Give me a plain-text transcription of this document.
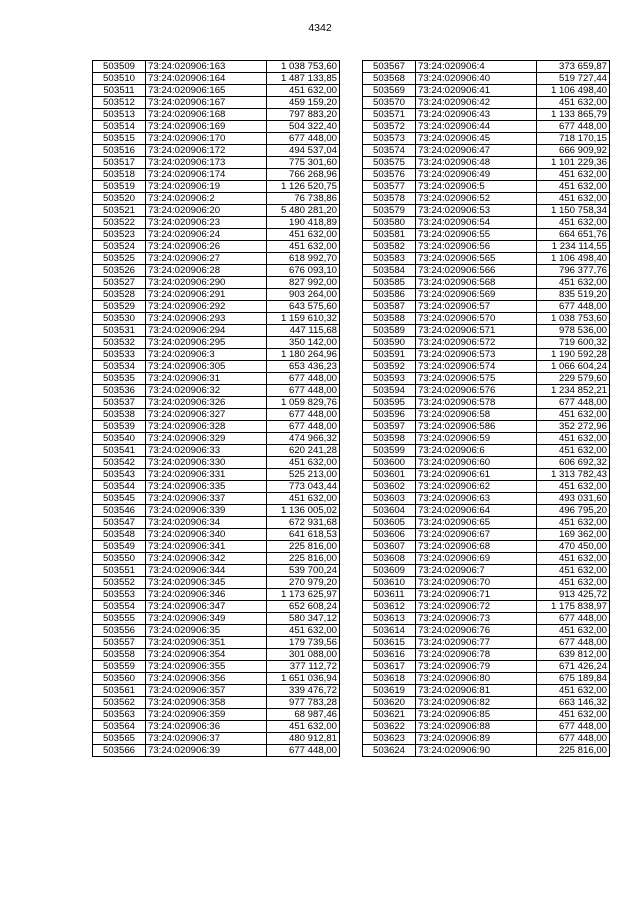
4342
503509	73:24:020906:163	1 038 753,60
503510	73:24:020906:164	1 487 133,85
503511	73:24:020906:165	451 632,00
503512	73:24:020906:167	459 159,20
503513	73:24:020906:168	797 883,20
503514	73:24:020906:169	504 322,40
503515	73:24:020906:170	677 448,00
503516	73:24:020906:172	494 537,04
503517	73:24:020906:173	775 301,60
503518	73:24:020906:174	766 268,96
503519	73:24:020906:19	1 126 520,75
503520	73:24:020906:2	76 738,86
503521	73:24:020906:20	5 480 281,20
503522	73:24:020906:23	190 418,89
503523	73:24:020906:24	451 632,00
503524	73:24:020906:26	451 632,00
503525	73:24:020906:27	618 992,70
503526	73:24:020906:28	676 093,10
503527	73:24:020906:290	827 992,00
503528	73:24:020906:291	903 264,00
503529	73:24:020906:292	643 575,60
503530	73:24:020906:293	1 159 610,32
503531	73:24:020906:294	447 115,68
503532	73:24:020906:295	350 142,00
503533	73:24:020906:3	1 180 264,96
503534	73:24:020906:305	653 436,23
503535	73:24:020906:31	677 448,00
503536	73:24:020906:32	677 448,00
503537	73:24:020906:326	1 059 829,76
503538	73:24:020906:327	677 448,00
503539	73:24:020906:328	677 448,00
503540	73:24:020906:329	474 966,32
503541	73:24:020906:33	620 241,28
503542	73:24:020906:330	451 632,00
503543	73:24:020906:331	525 213,00
503544	73:24:020906:335	773 043,44
503545	73:24:020906:337	451 632,00
503546	73:24:020906:339	1 136 005,02
503547	73:24:020906:34	672 931,68
503548	73:24:020906:340	641 618,53
503549	73:24:020906:341	225 816,00
503550	73:24:020906:342	225 816,00
503551	73:24:020906:344	539 700,24
503552	73:24:020906:345	270 979,20
503553	73:24:020906:346	1 173 625,97
503554	73:24:020906:347	652 608,24
503555	73:24:020906:349	580 347,12
503556	73:24:020906:35	451 632,00
503557	73:24:020906:351	179 739,56
503558	73:24:020906:354	301 088,00
503559	73:24:020906:355	377 112,72
503560	73:24:020906:356	1 651 036,94
503561	73:24:020906:357	339 476,72
503562	73:24:020906:358	977 783,28
503563	73:24:020906:359	68 987,46
503564	73:24:020906:36	451 632,00
503565	73:24:020906:37	480 912,81
503566	73:24:020906:39	677 448,00
503567	73:24:020906:4	373 659,87
503568	73:24:020906:40	519 727,44
503569	73:24:020906:41	1 106 498,40
503570	73:24:020906:42	451 632,00
503571	73:24:020906:43	1 133 865,79
503572	73:24:020906:44	677 448,00
503573	73:24:020906:45	718 170,15
503574	73:24:020906:47	666 909,92
503575	73:24:020906:48	1 101 229,36
503576	73:24:020906:49	451 632,00
503577	73:24:020906:5	451 632,00
503578	73:24:020906:52	451 632,00
503579	73:24:020906:53	1 150 758,34
503580	73:24:020906:54	451 632,00
503581	73:24:020906:55	664 651,76
503582	73:24:020906:56	1 234 114,55
503583	73:24:020906:565	1 106 498,40
503584	73:24:020906:566	796 377,76
503585	73:24:020906:568	451 632,00
503586	73:24:020906:569	835 519,20
503587	73:24:020906:57	677 448,00
503588	73:24:020906:570	1 038 753,60
503589	73:24:020906:571	978 536,00
503590	73:24:020906:572	719 600,32
503591	73:24:020906:573	1 190 592,28
503592	73:24:020906:574	1 066 604,24
503593	73:24:020906:575	229 579,60
503594	73:24:020906:576	1 234 852,21
503595	73:24:020906:578	677 448,00
503596	73:24:020906:58	451 632,00
503597	73:24:020906:586	352 272,96
503598	73:24:020906:59	451 632,00
503599	73:24:020906:6	451 632,00
503600	73:24:020906:60	606 692,32
503601	73:24:020906:61	1 313 782,43
503602	73:24:020906:62	451 632,00
503603	73:24:020906:63	493 031,60
503604	73:24:020906:64	496 795,20
503605	73:24:020906:65	451 632,00
503606	73:24:020906:67	169 362,00
503607	73:24:020906:68	470 450,00
503608	73:24:020906:69	451 632,00
503609	73:24:020906:7	451 632,00
503610	73:24:020906:70	451 632,00
503611	73:24:020906:71	913 425,72
503612	73:24:020906:72	1 175 838,97
503613	73:24:020906:73	677 448,00
503614	73:24:020906:76	451 632,00
503615	73:24:020906:77	677 448,00
503616	73:24:020906:78	639 812,00
503617	73:24:020906:79	671 426,24
503618	73:24:020906:80	675 189,84
503619	73:24:020906:81	451 632,00
503620	73:24:020906:82	663 146,32
503621	73:24:020906:85	451 632,00
503622	73:24:020906:88	677 448,00
503623	73:24:020906:89	677 448,00
503624	73:24:020906:90	225 816,00
